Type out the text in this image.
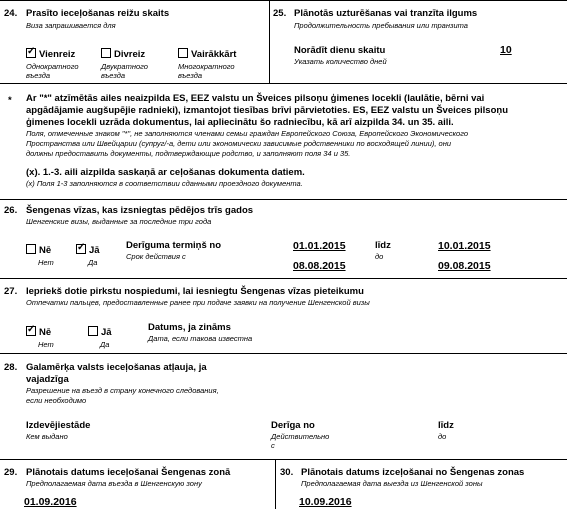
24. Prasīto ieceļošanas reižu skaits
Виза запрашивается для
✓Vienreiz
Однократного
въезда
Divreiz
Двукратного
въезда
Vairākkārt
Многократного
въезда
25. Plānotās uzturēšanas vai tranzīta ilgums
Продолжительность пребывания или транзита
Norādīt dienu skaitu
Указать количество дней
10
* Ar "*" atzīmētās ailes neaizpilda ES, EEZ valstu un Šveices pilsoņu ģimenes locekli (laulātie, bērni vai
apgādājamie augšupējie radnieki), izmantojot tiesības brīvi pārvietoties. ES, EEZ valstu un Šveices pilsoņu
ģimenes locekli uzrāda dokumentus, lai apliecinātu šo radniecību, kā arī aizpilda 34. un 35. aili.
Поля, отмеченные знаком "*", не заполняются членами семьи граждан Европейского Союза, Европейского Экономического
Пространства или Швейцарии (супруг/-а, дети или экономически зависимые родственники по восходящей линии), они
должны предоставить документы, подтверждающие родство, и заполняют поля 34 и 35.
(x). 1.-3. aili aizpilda saskaņā ar ceļošanas dokumenta datiem.
(x) Поля 1-3 заполняются в соответствии сданными проездного документа.
26. Šengenas vīzas, kas izsniegtas pēdējos trīs gados
Шенгенские визы, выданные за последние три года
Nē
Нет
✓Jā
Да
Derīguma termiņš no
Срок действия с
01.01.2015
08.08.2015
līdz
до
10.01.2015
09.08.2015
27. Iepriekš dotie pirkstu nospiedumi, lai iesniegtu Šengenas vīzas pieteikumu
Отпечатки пальцев, предоставленные ранее при подаче заявки на получение Шенгенской визы
✓Nē
Нет
Jā
Да
Datums, ja zināms
Дата, если такова известна
28. Galamērķa valsts ieceļošanas atļauja, ja
vajadzīga
Разрешение на въезд в страну конечного следования,
если необходимо
Izdevējiestāde
Кем выдано
Derīga no
Действительно
с
līdz
до
29. Plānotais datums ieceļošanai Šengenas zonā
Предполагаемая дата въезда в Шенгенскую зону
01.09.2016
30. Plānotais datums izceļošanai no Šengenas zonas
Предполагаемая дата выезда из Шенгенской зоны
10.09.2016
